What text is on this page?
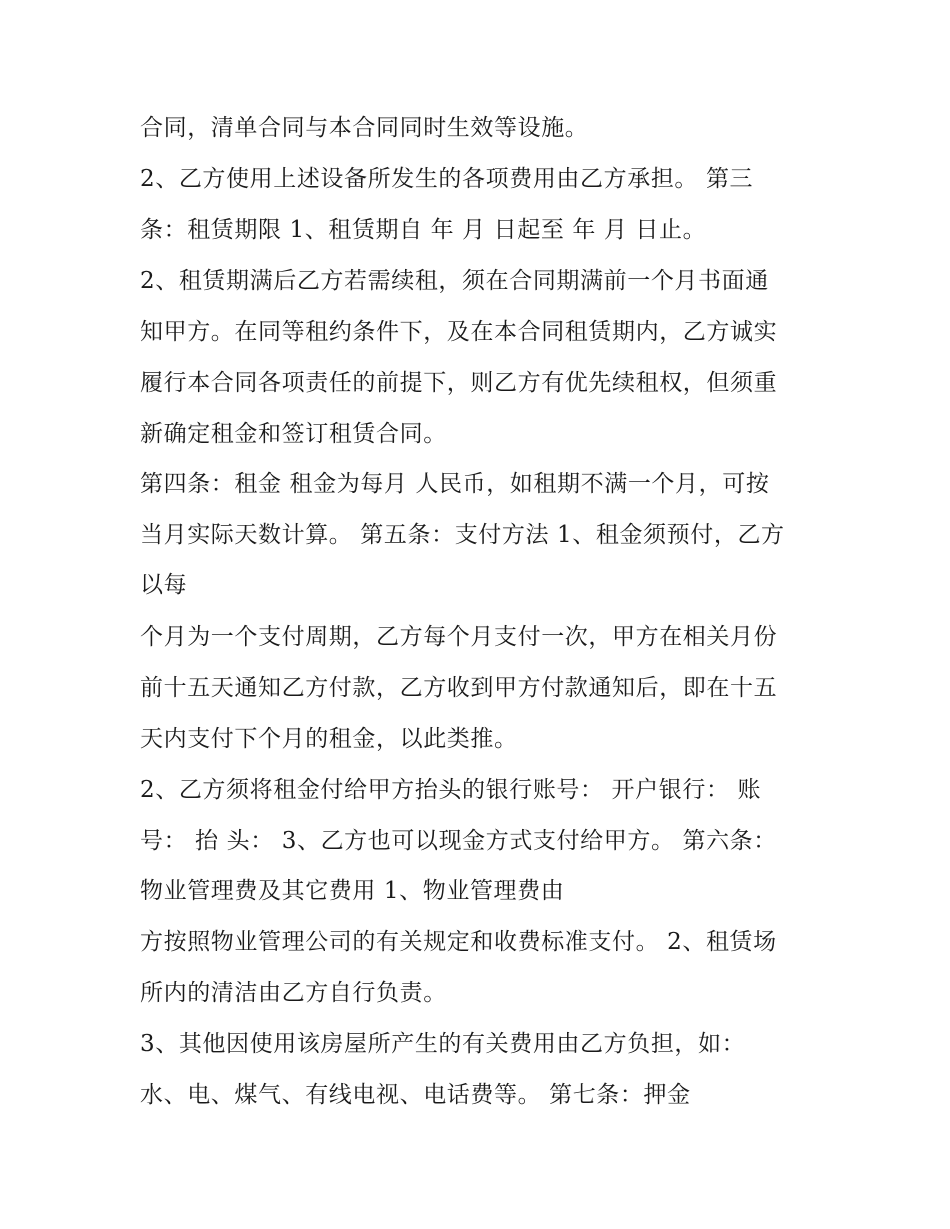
合同，清单合同与本合同同时生效等设施。
2、乙方使用上述设备所发生的各项费用由乙方承担。 第三
条：租赁期限 1、租赁期自 年 月 日起至 年 月 日止。
2、租赁期满后乙方若需续租，须在合同期满前一个月书面通
知甲方。在同等租约条件下，及在本合同租赁期内，乙方诚实
履行本合同各项责任的前提下，则乙方有优先续租权，但须重
新确定租金和签订租赁合同。
第四条：租金 租金为每月 人民币，如租期不满一个月，可按
当月实际天数计算。 第五条：支付方法 1、租金须预付，乙方
以每
个月为一个支付周期，乙方每个月支付一次，甲方在相关月份
前十五天通知乙方付款，乙方收到甲方付款通知后，即在十五
天内支付下个月的租金，以此类推。
2、乙方须将租金付给甲方抬头的银行账号： 开户银行： 账
号： 抬 头： 3、乙方也可以现金方式支付给甲方。 第六条：
物业管理费及其它费用 1、物业管理费由
方按照物业管理公司的有关规定和收费标准支付。 2、租赁场
所内的清洁由乙方自行负责。
3、其他因使用该房屋所产生的有关费用由乙方负担，如：
水、电、煤气、有线电视、电话费等。 第七条：押金
